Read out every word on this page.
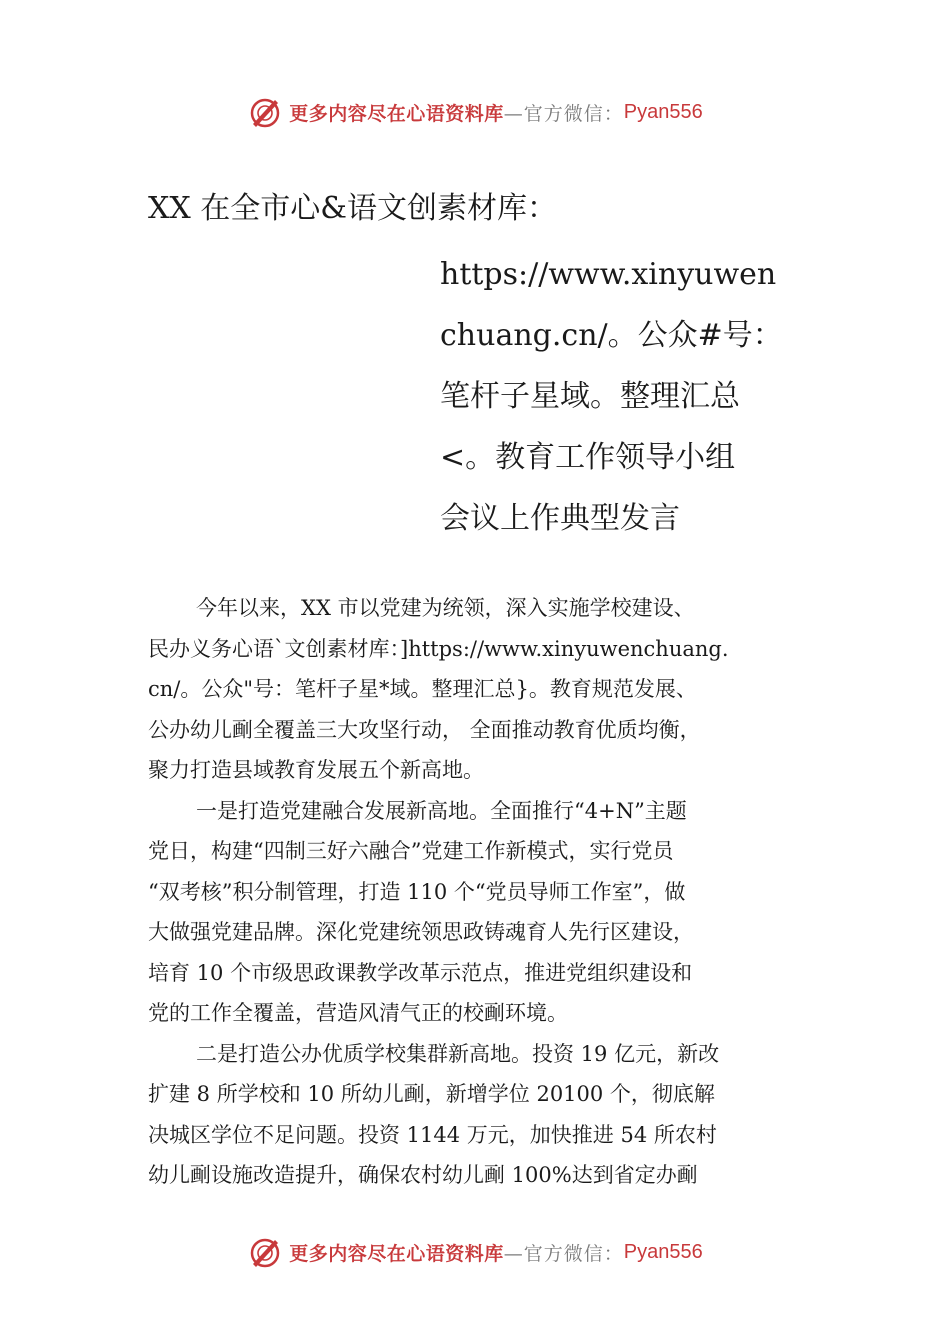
更多内容尽在心语资料库 —官方微信： Pyan556
XX 在全市心&语文创素材库：
https://www.xinyuwen
chuang.cn/。公众#号：
笔杆子星域。整理汇总
<。教育工作领导小组
会议上作典型发言
今年以来，XX 市以党建为统领，深入实施学校建设、
民办义务心语`文创素材库：]https://www.xinyuwenchuang.
cn/。公众"号：笔杆子星*域。整理汇总}。教育规范发展、
公办幼儿㓰全覆盖三大攻坚行动， 全面推动教育优质均衡，
聚力打造县域教育发展五个新高地。
一是打造党建融合发展新高地。全面推行“4+N”主题
党日，构建“四制三好六融合”党建工作新模式，实行党员
“双考核”积分制管理，打造 110 个“党员导师工作室”，做
大做强党建品牌。深化党建统领思政铸魂育人先行区建设，
培育 10 个市级思政课教学改革示范点，推进党组织建设和
党的工作全覆盖，营造风清气正的校㓰环境。
二是打造公办优质学校集群新高地。投资 19 亿元，新改
扩建 8 所学校和 10 所幼儿㓰，新增学位 20100 个，彻底解
决城区学位不足问题。投资 1144 万元，加快推进 54 所农村
幼儿㓰设施改造提升，确保农村幼儿㓰 100%达到省定办㓰
更多内容尽在心语资料库 —官方微信： Pyan556
